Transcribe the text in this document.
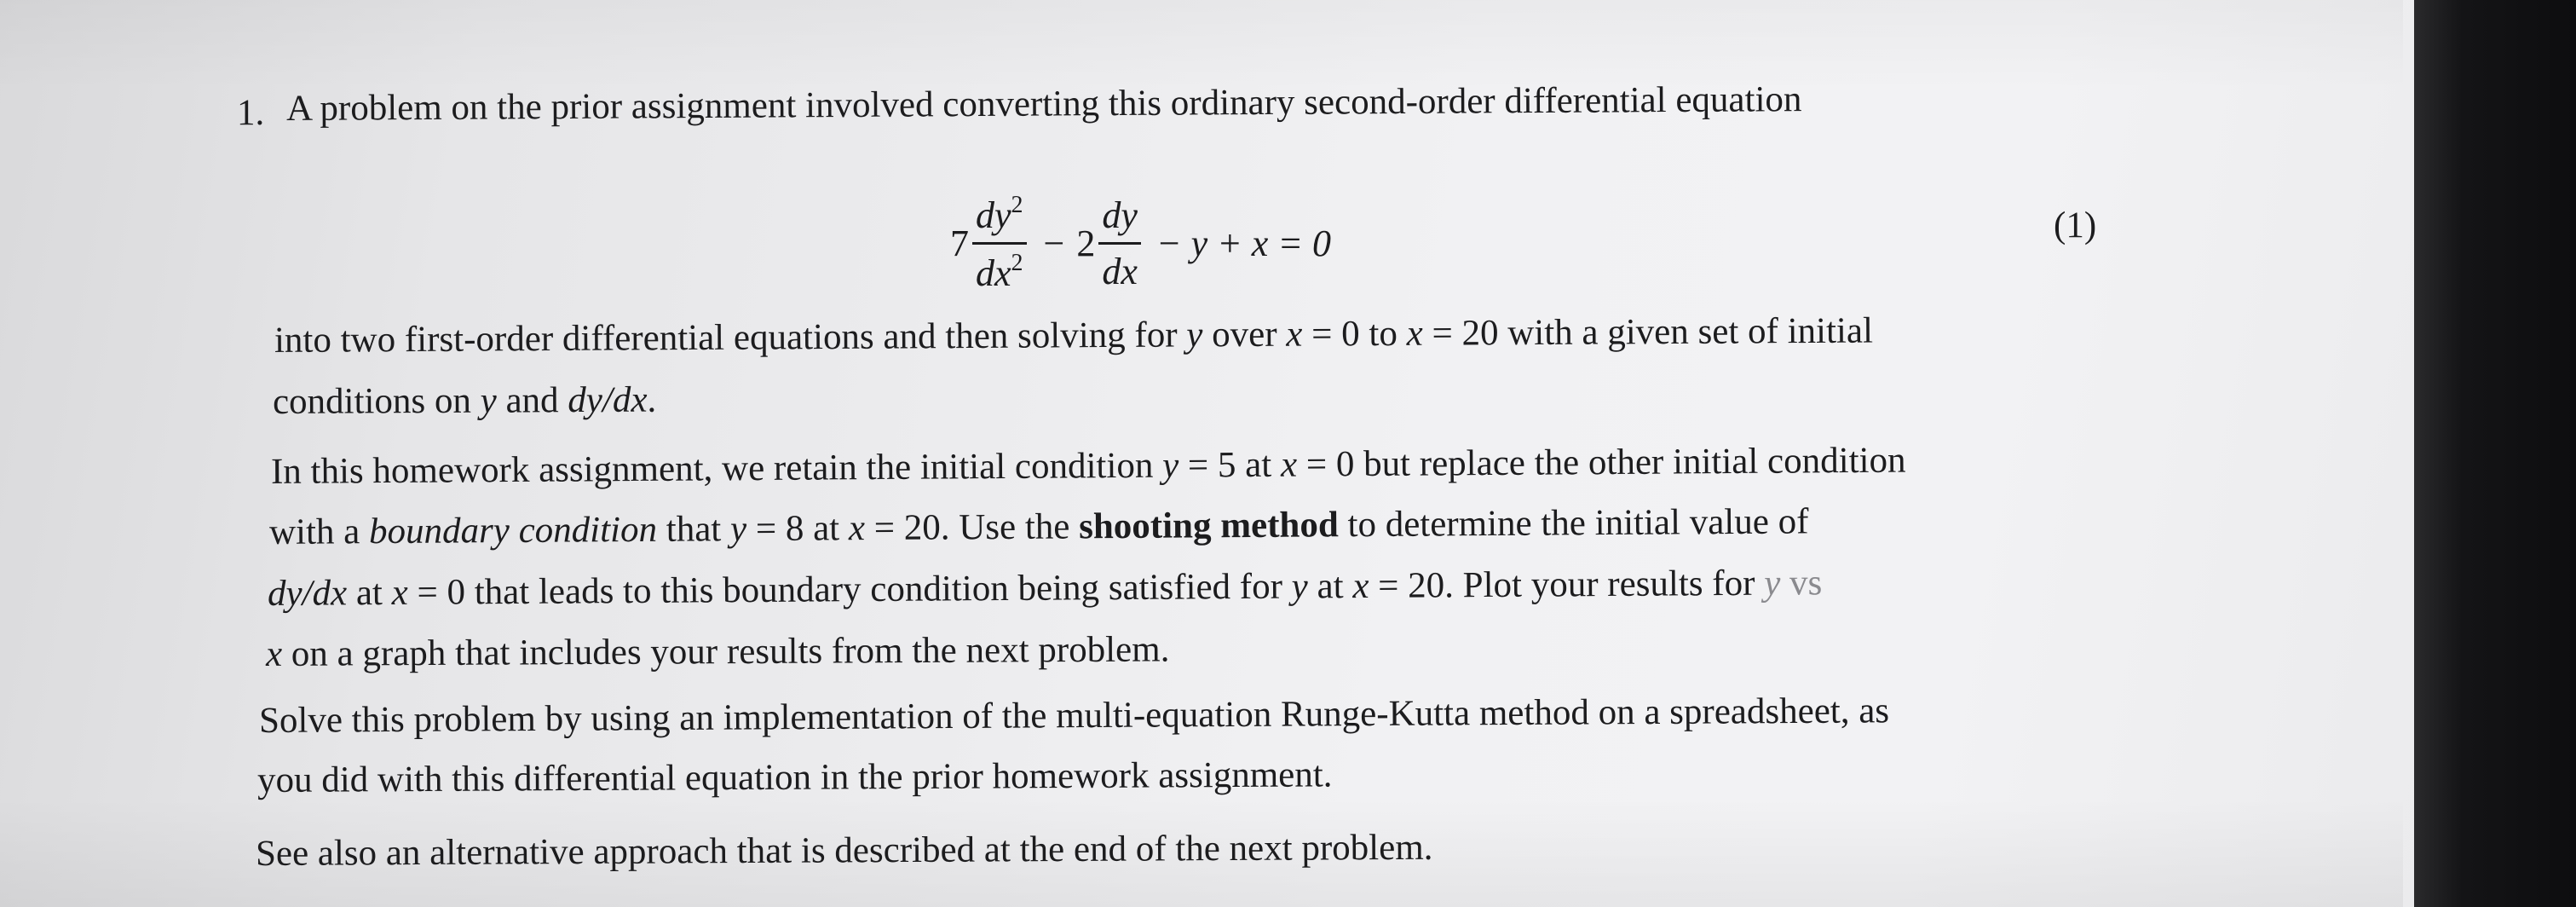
1. A problem on the prior assignment involved converting this ordinary second-order differential equation
$7 \frac{dy^2}{dx^2} - 2 \frac{dy}{dx} - y + x = 0$	(1)
into two first-order differential equations and then solving for y over x = 0 to x = 20 with a given set of initial
conditions on y and dy/dx.
In this homework assignment, we retain the initial condition y = 5 at x = 0 but replace the other initial condition
with a boundary condition that y = 8 at x = 20. Use the shooting method to determine the initial value of
dy/dx at x = 0 that leads to this boundary condition being satisfied for y at x = 20. Plot your results for y vs
x on a graph that includes your results from the next problem.
Solve this problem by using an implementation of the multi-equation Runge-Kutta method on a spreadsheet, as
you did with this differential equation in the prior homework assignment.
See also an alternative approach that is described at the end of the next problem.
